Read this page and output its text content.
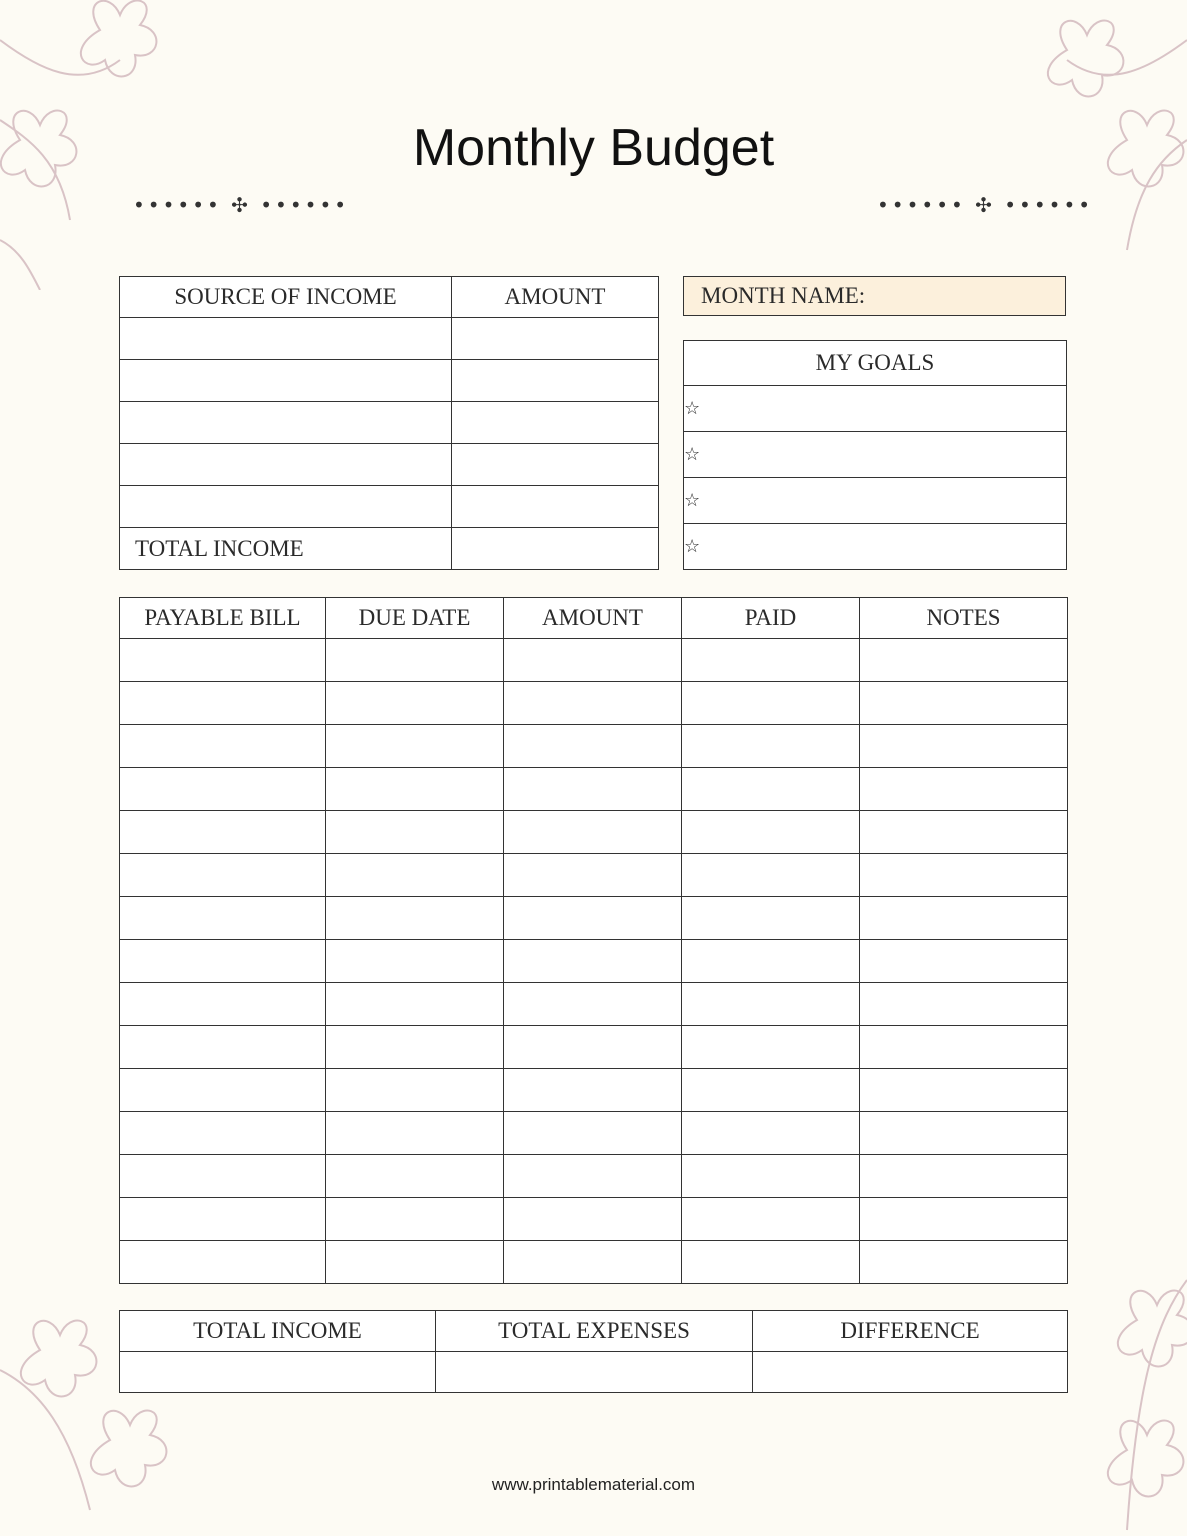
Monthly Budget
•••••• ✣ ••••••	•••••• ✣ ••••••
SOURCE OF INCOME	AMOUNT

TOTAL INCOME	
MONTH NAME:
MY GOALS
☆
☆
☆
☆
PAYABLE BILL	DUE DATE	AMOUNT	PAID	NOTES

TOTAL INCOME	TOTAL EXPENSES	DIFFERENCE

www.printablematerial.com
